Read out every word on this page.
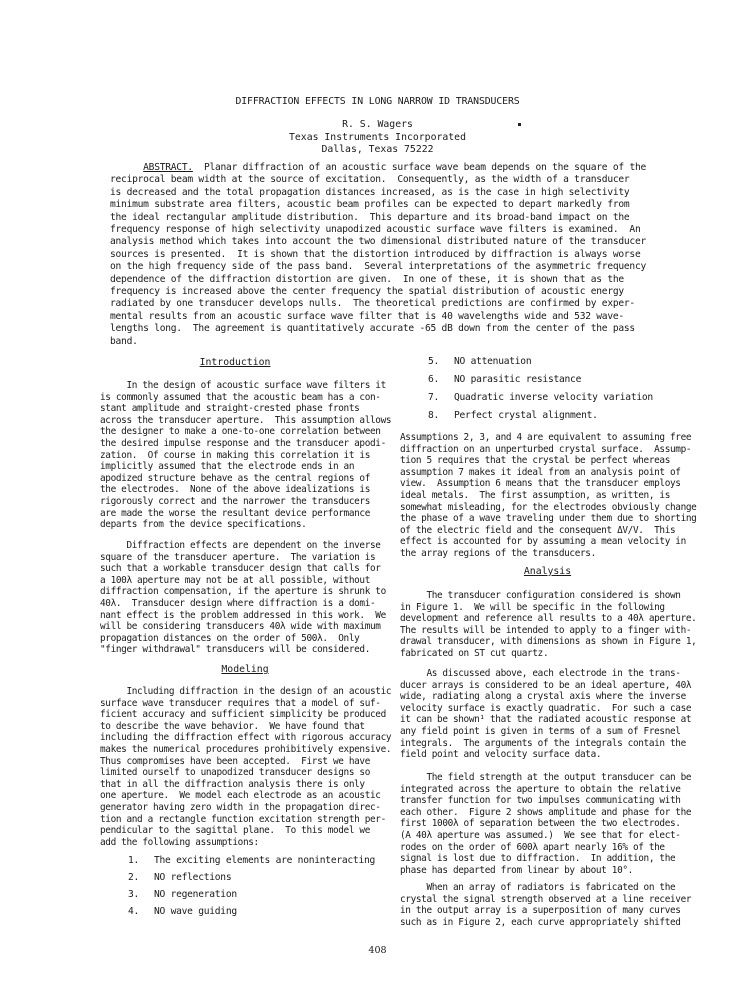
DIFFRACTION EFFECTS IN LONG NARROW ID TRANSDUCERS
R. S. Wagers
Texas Instruments Incorporated
Dallas, Texas 75222
ABSTRACT.  Planar diffraction of an acoustic surface wave beam depends on the square of the
reciprocal beam width at the source of excitation.  Consequently, as the width of a transducer
is decreased and the total propagation distances increased, as is the case in high selectivity
minimum substrate area filters, acoustic beam profiles can be expected to depart markedly from
the ideal rectangular amplitude distribution.  This departure and its broad-band impact on the
frequency response of high selectivity unapodized acoustic surface wave filters is examined.  An
analysis method which takes into account the two dimensional distributed nature of the transducer
sources is presented.  It is shown that the distortion introduced by diffraction is always worse
on the high frequency side of the pass band.  Several interpretations of the asymmetric frequency
dependence of the diffraction distortion are given.  In one of these, it is shown that as the
frequency is increased above the center frequency the spatial distribution of acoustic energy
radiated by one transducer develops nulls.  The theoretical predictions are confirmed by exper-
mental results from an acoustic surface wave filter that is 40 wavelengths wide and 532 wave-
lengths long.  The agreement is quantitatively accurate -65 dB down from the center of the pass
band.
Introduction
In the design of acoustic surface wave filters it
is commonly assumed that the acoustic beam has a con-
stant amplitude and straight-crested phase fronts
across the transducer aperture.  This assumption allows
the designer to make a one-to-one correlation between
the desired impulse response and the transducer apodi-
zation.  Of course in making this correlation it is
implicitly assumed that the electrode ends in an
apodized structure behave as the central regions of
the electrodes.  None of the above idealizations is
rigorously correct and the narrower the transducers
are made the worse the resultant device performance
departs from the device specifications.
Diffraction effects are dependent on the inverse
square of the transducer aperture.  The variation is
such that a workable transducer design that calls for
a 100λ aperture may not be at all possible, without
diffraction compensation, if the aperture is shrunk to
40λ.  Transducer design where diffraction is a domi-
nant effect is the problem addressed in this work.  We
will be considering transducers 40λ wide with maximum
propagation distances on the order of 500λ.  Only
"finger withdrawal" transducers will be considered.
Modeling
Including diffraction in the design of an acoustic
surface wave transducer requires that a model of suf-
ficient accuracy and sufficient simplicity be produced
to describe the wave behavior.  We have found that
including the diffraction effect with rigorous accuracy
makes the numerical procedures prohibitively expensive.
Thus compromises have been accepted.  First we have
limited ourself to unapodized transducer designs so
that in all the diffraction analysis there is only
one aperture.  We model each electrode as an acoustic
generator having zero width in the propagation direc-
tion and a rectangle function excitation strength per-
pendicular to the sagittal plane.  To this model we
add the following assumptions:
1. The exciting elements are noninteracting
2. NO reflections
3. NO regeneration
4. NO wave guiding
5. NO attenuation
6. NO parasitic resistance
7. Quadratic inverse velocity variation
8. Perfect crystal alignment.
Assumptions 2, 3, and 4 are equivalent to assuming free
diffraction on an unperturbed crystal surface.  Assump-
tion 5 requires that the crystal be perfect whereas
assumption 7 makes it ideal from an analysis point of
view.  Assumption 6 means that the transducer employs
ideal metals.  The first assumption, as written, is
somewhat misleading, for the electrodes obviously change
the phase of a wave traveling under them due to shorting
of the electric field and the consequent ΔV/V.  This
effect is accounted for by assuming a mean velocity in
the array regions of the transducers.
Analysis
The transducer configuration considered is shown
in Figure 1.  We will be specific in the following
development and reference all results to a 40λ aperture.
The results will be intended to apply to a finger with-
drawal transducer, with dimensions as shown in Figure 1,
fabricated on ST cut quartz.
As discussed above, each electrode in the trans-
ducer arrays is considered to be an ideal aperture, 40λ
wide, radiating along a crystal axis where the inverse
velocity surface is exactly quadratic.  For such a case
it can be shown¹ that the radiated acoustic response at
any field point is given in terms of a sum of Fresnel
integrals.  The arguments of the integrals contain the
field point and velocity surface data.
The field strength at the output transducer can be
integrated across the aperture to obtain the relative
transfer function for two impulses communicating with
each other.  Figure 2 shows amplitude and phase for the
first 1000λ of separation between the two electrodes.
(A 40λ aperture was assumed.)  We see that for elect-
rodes on the order of 600λ apart nearly 16% of the
signal is lost due to diffraction.  In addition, the
phase has departed from linear by about 10°.
When an array of radiators is fabricated on the
crystal the signal strength observed at a line receiver
in the output array is a superposition of many curves
such as in Figure 2, each curve appropriately shifted
408
